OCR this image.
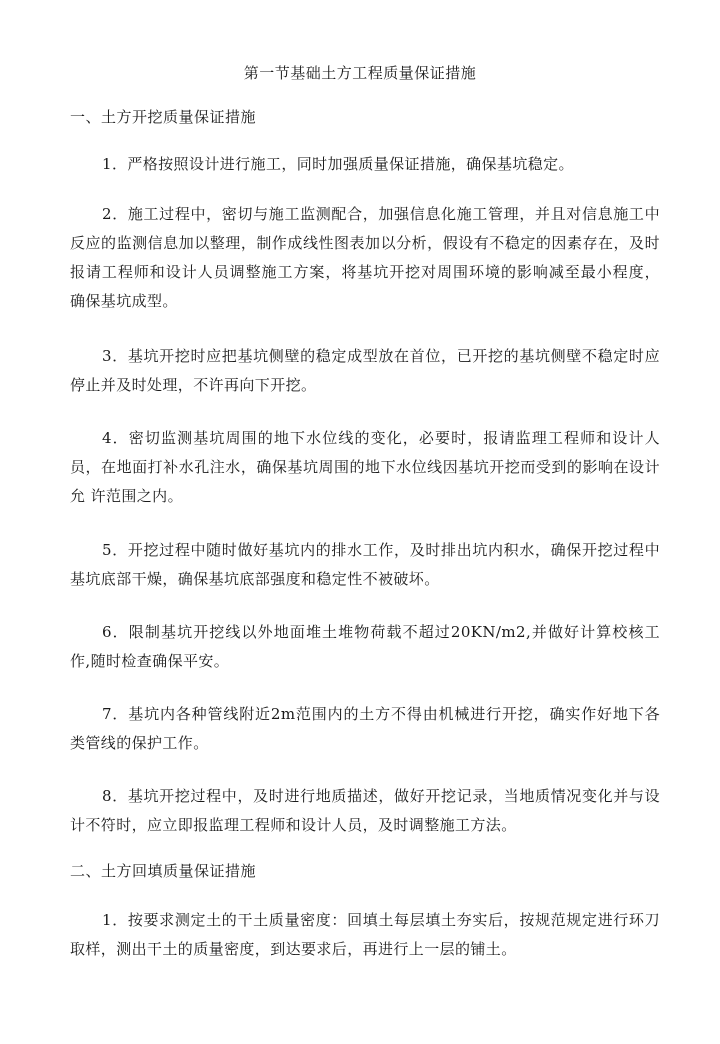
第一节基础土方工程质量保证措施
一、土方开挖质量保证措施
1．严格按照设计进行施工，同时加强质量保证措施，确保基坑稳定。
2．施工过程中，密切与施工监测配合，加强信息化施工管理，并且对信息施工中 反应的监测信息加以整理，制作成线性图表加以分析，假设有不稳定的因素存在，及时 报请工程师和设计人员调整施工方案，将基坑开挖对周围环境的影响减至最小程度， 确保基坑成型。
3．基坑开挖时应把基坑侧壁的稳定成型放在首位，已开挖的基坑侧壁不稳定时应 停止并及时处理，不许再向下开挖。
4．密切监测基坑周围的地下水位线的变化，必要时，报请监理工程师和设计人员，在地面打补水孔注水，确保基坑周围的地下水位线因基坑开挖而受到的影响在设计允 许范围之内。
5．开挖过程中随时做好基坑内的排水工作，及时排出坑内积水，确保开挖过程中 基坑底部干燥，确保基坑底部强度和稳定性不被破坏。
6．限制基坑开挖线以外地面堆土堆物荷载不超过20KN/m2,并做好计算校核工 作,随时检查确保平安。
7．基坑内各种管线附近2m范围内的土方不得由机械进行开挖，确实作好地下各 类管线的保护工作。
8．基坑开挖过程中，及时进行地质描述，做好开挖记录，当地质情况变化并与设 计不符时，应立即报监理工程师和设计人员，及时调整施工方法。
二、土方回填质量保证措施
1．按要求测定土的干土质量密度：回填土每层填土夯实后，按规范规定进行环刀 取样，测出干土的质量密度，到达要求后，再进行上一层的铺土。
